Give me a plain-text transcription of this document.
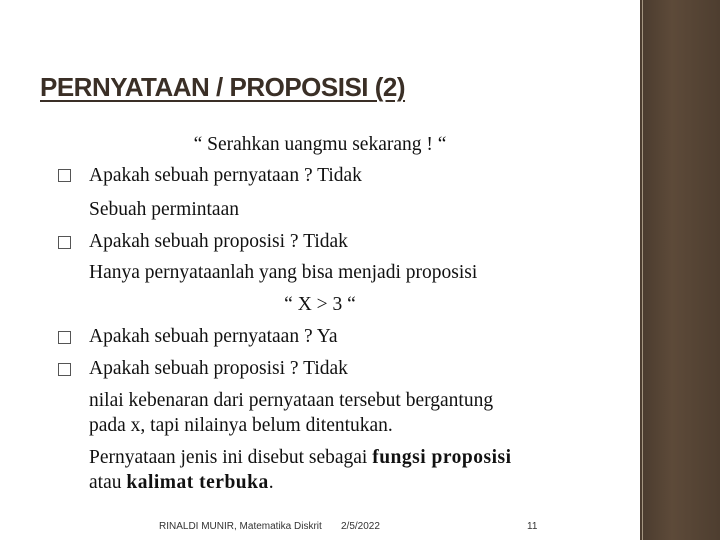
PERNYATAAN / PROPOSISI (2)
“ Serahkan uangmu sekarang ! “
Apakah sebuah pernyataan ? Tidak
Sebuah permintaan
Apakah sebuah proposisi ? Tidak
Hanya pernyataanlah yang bisa menjadi proposisi
“ X > 3 “
Apakah sebuah pernyataan ? Ya
Apakah sebuah proposisi ? Tidak
nilai kebenaran dari pernyataan tersebut bergantung
pada x, tapi nilainya belum ditentukan.
Pernyataan jenis ini disebut sebagai fungsi proposisi
atau kalimat terbuka.
RINALDI MUNIR, Matematika Diskrit 2/5/2022	11
